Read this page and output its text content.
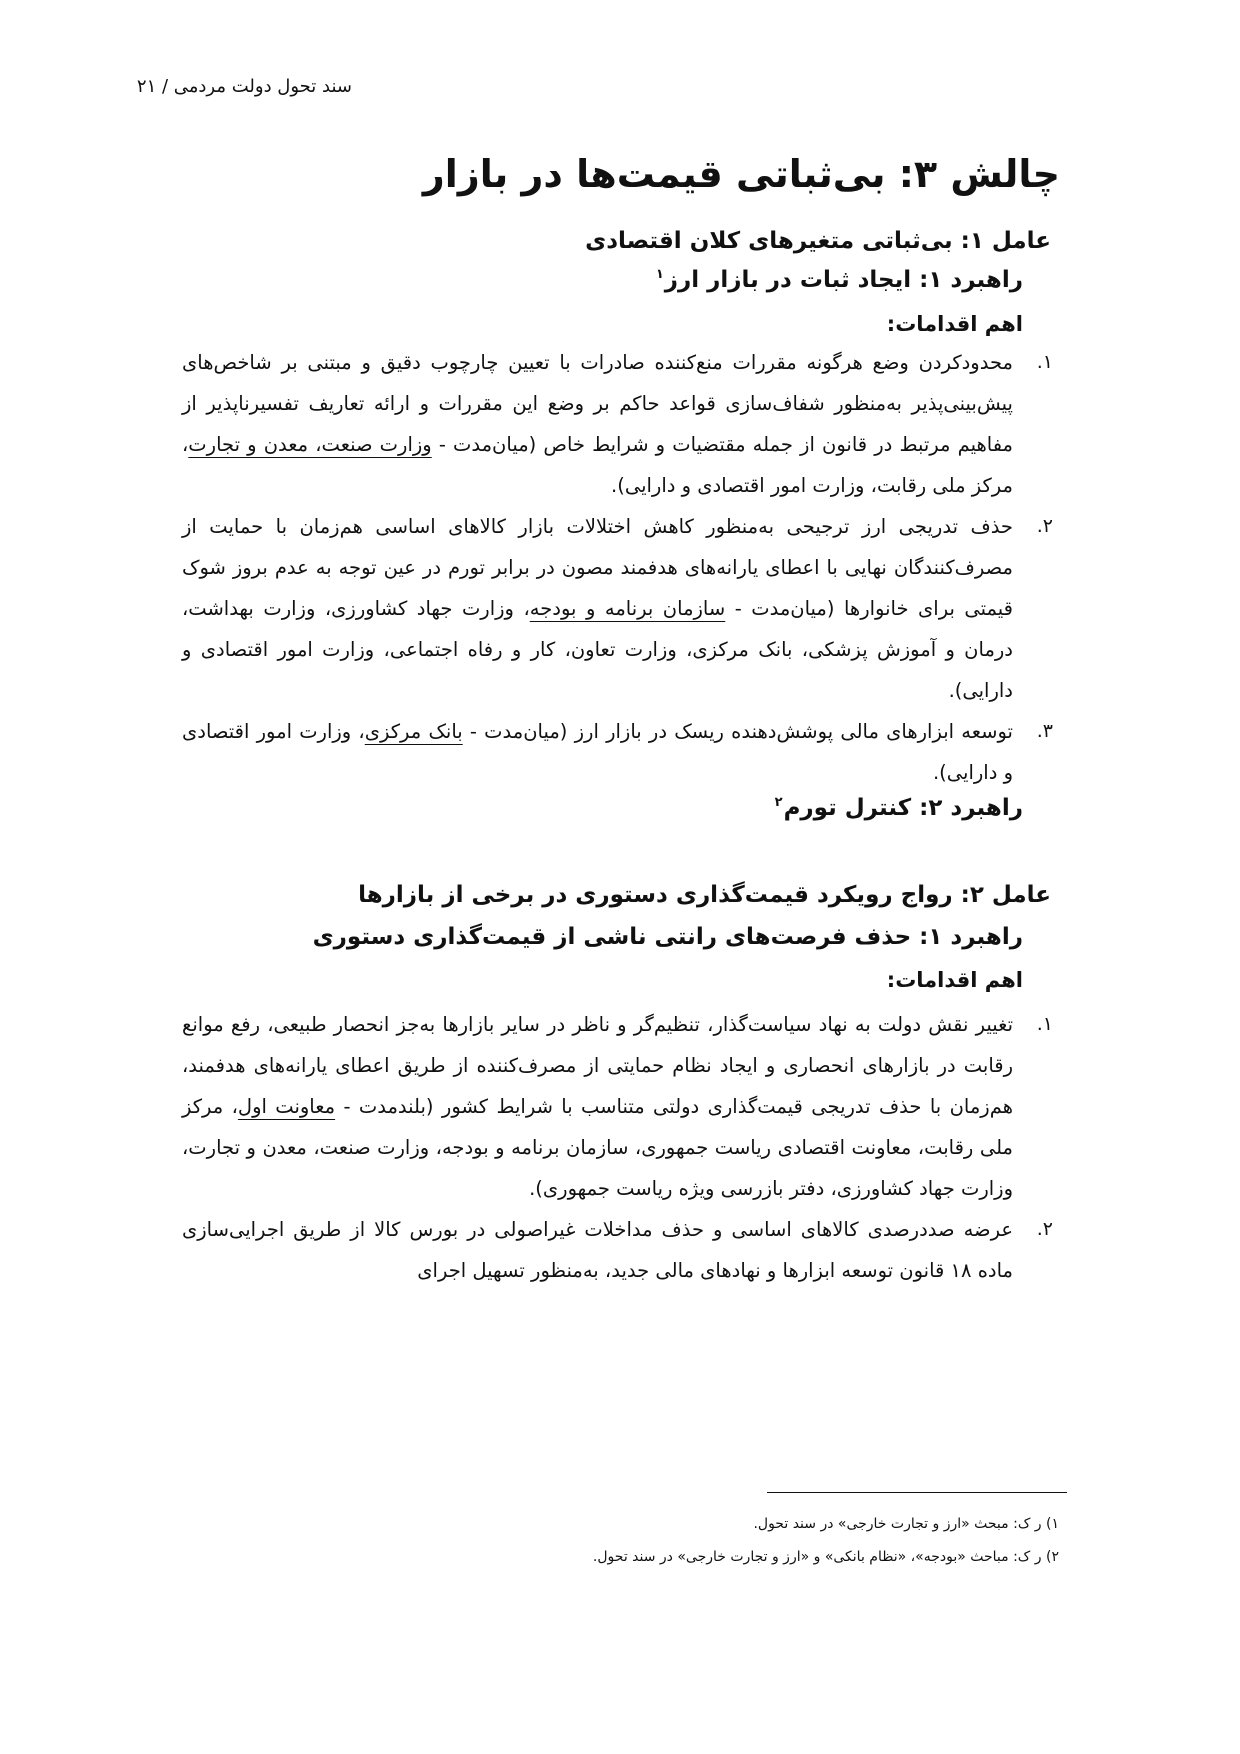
سند تحول دولت مردمی / ۲۱
چالش ۳: بی‌ثباتی قیمت‌ها در بازار
عامل ۱: بی‌ثباتی متغیرهای کلان اقتصادی
راهبرد ۱: ایجاد ثبات در بازار ارز$^۱$
اهم اقدامات:
۱.
محدودکردن وضع هرگونه مقررات منع‌کننده صادرات با تعیین چارچوب دقیق و مبتنی بر شاخص‌های پیش‌بینی‌پذیر به‌منظور شفاف‌سازی قواعد حاکم بر وضع این مقررات و ارائه تعاریف تفسیرناپذیر از مفاهیم مرتبط در قانون از جمله مقتضیات و شرایط خاص (میان‌مدت - وزارت صنعت، معدن و تجارت، مرکز ملی رقابت، وزارت امور اقتصادی و دارایی).
۲.
حذف تدریجی ارز ترجیحی به‌منظور کاهش اختلالات بازار کالاهای اساسی هم‌زمان با حمایت از مصرف‌کنندگان نهایی با اعطای یارانه‌های هدفمند مصون در برابر تورم در عین توجه به عدم بروز شوک قیمتی برای خانوارها (میان‌مدت - سازمان برنامه و بودجه، وزارت جهاد کشاورزی، وزارت بهداشت، درمان و آموزش پزشکی، بانک مرکزی، وزارت تعاون، کار و رفاه اجتماعی، وزارت امور اقتصادی و دارایی).
۳.
توسعه ابزارهای مالی پوشش‌دهنده ریسک در بازار ارز (میان‌مدت - بانک مرکزی، وزارت امور اقتصادی و دارایی).
راهبرد ۲: کنترل تورم$^۲$
عامل ۲: رواج رویکرد قیمت‌گذاری دستوری در برخی از بازارها
راهبرد ۱: حذف فرصت‌های رانتی ناشی از قیمت‌گذاری دستوری
اهم اقدامات:
۱.
تغییر نقش دولت به نهاد سیاست‌گذار، تنظیم‌گر و ناظر در سایر بازارها به‌جز انحصار طبیعی، رفع موانع رقابت در بازارهای انحصاری و ایجاد نظام حمایتی از مصرف‌کننده از طریق اعطای یارانه‌های هدفمند، هم‌زمان با حذف تدریجی قیمت‌گذاری دولتی متناسب با شرایط کشور (بلندمدت - معاونت اول، مرکز ملی رقابت، معاونت اقتصادی ریاست جمهوری، سازمان برنامه و بودجه، وزارت صنعت، معدن و تجارت، وزارت جهاد کشاورزی، دفتر بازرسی ویژه ریاست جمهوری).
۲.
عرضه صددرصدی کالاهای اساسی و حذف مداخلات غیراصولی در بورس کالا از طریق اجرایی‌سازی ماده ۱۸ قانون توسعه ابزارها و نهادهای مالی جدید، به‌منظور تسهیل اجرای
۱) ر ک: مبحث «ارز و تجارت خارجی» در سند تحول.
۲) ر ک: مباحث «بودجه»، «نظام بانکی» و «ارز و تجارت خارجی» در سند تحول.
